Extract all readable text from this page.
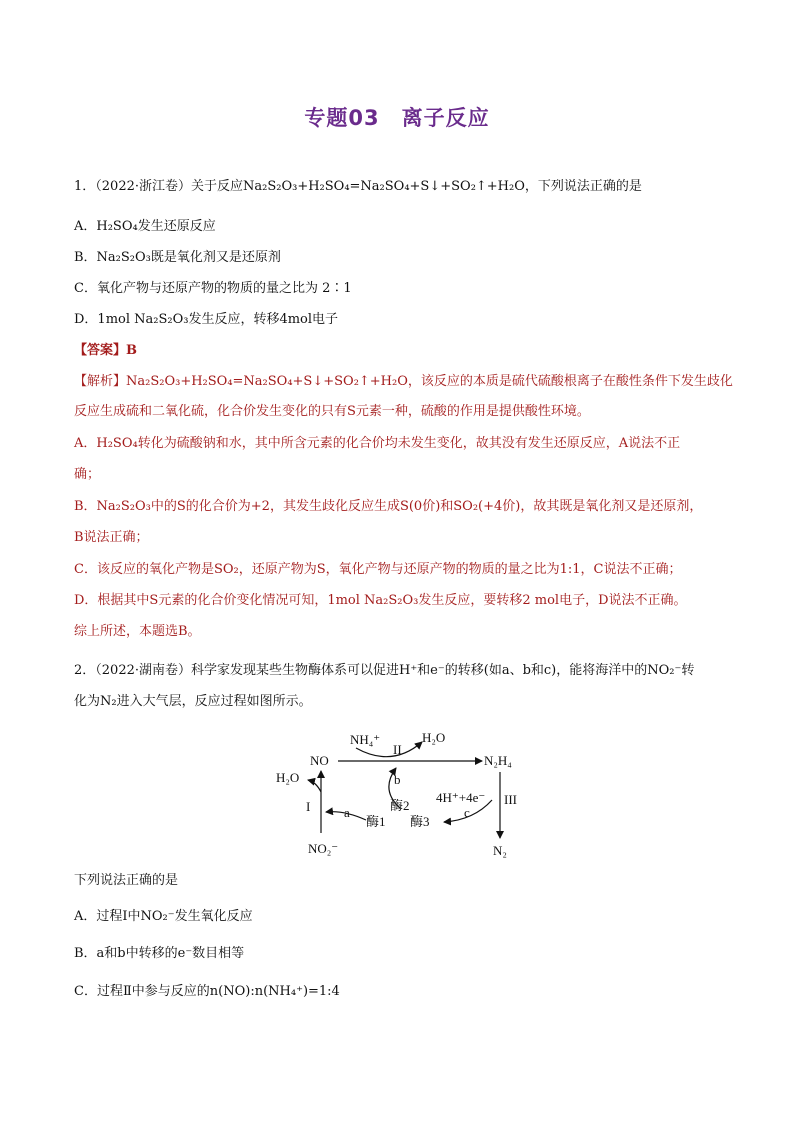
专题03　离子反应
1．（2022·浙江卷）关于反应Na₂S₂O₃+H₂SO₄=Na₂SO₄+S↓+SO₂↑+H₂O，下列说法正确的是
A．H₂SO₄发生还原反应
B．Na₂S₂O₃既是氧化剂又是还原剂
C．氧化产物与还原产物的物质的量之比为 2∶1
D．1mol Na₂S₂O₃发生反应，转移4mol电子
【答案】B
【解析】Na₂S₂O₃+H₂SO₄=Na₂SO₄+S↓+SO₂↑+H₂O，该反应的本质是硫代硫酸根离子在酸性条件下发生歧化
反应生成硫和二氧化硫，化合价发生变化的只有S元素一种，硫酸的作用是提供酸性环境。
A．H₂SO₄转化为硫酸钠和水，其中所含元素的化合价均未发生变化，故其没有发生还原反应，A说法不正
确；
B．Na₂S₂O₃中的S的化合价为+2，其发生歧化反应生成S(0价)和SO₂(+4价)，故其既是氧化剂又是还原剂，
B说法正确；
C．该反应的氧化产物是SO₂，还原产物为S，氧化产物与还原产物的物质的量之比为1:1，C说法不正确；
D．根据其中S元素的化合价变化情况可知，1mol Na₂S₂O₃发生反应，要转移2 mol电子，D说法不正确。
综上所述，本题选B。
2．（2022·湖南卷）科学家发现某些生物酶体系可以促进H⁺和e⁻的转移(如a、b和c)，能将海洋中的NO₂⁻转
化为N₂进入大气层，反应过程如图所示。
NH₄⁺
II
H₂O
NO	N₂H₄
H₂O	b
酶2
4H⁺+4e⁻ III
I	a
酶1
c
酶3
NO₂⁻	N₂
下列说法正确的是
A．过程Ⅰ中NO₂⁻发生氧化反应
B．a和b中转移的e⁻数目相等
C．过程Ⅱ中参与反应的n(NO):n(NH₄⁺)=1:4
